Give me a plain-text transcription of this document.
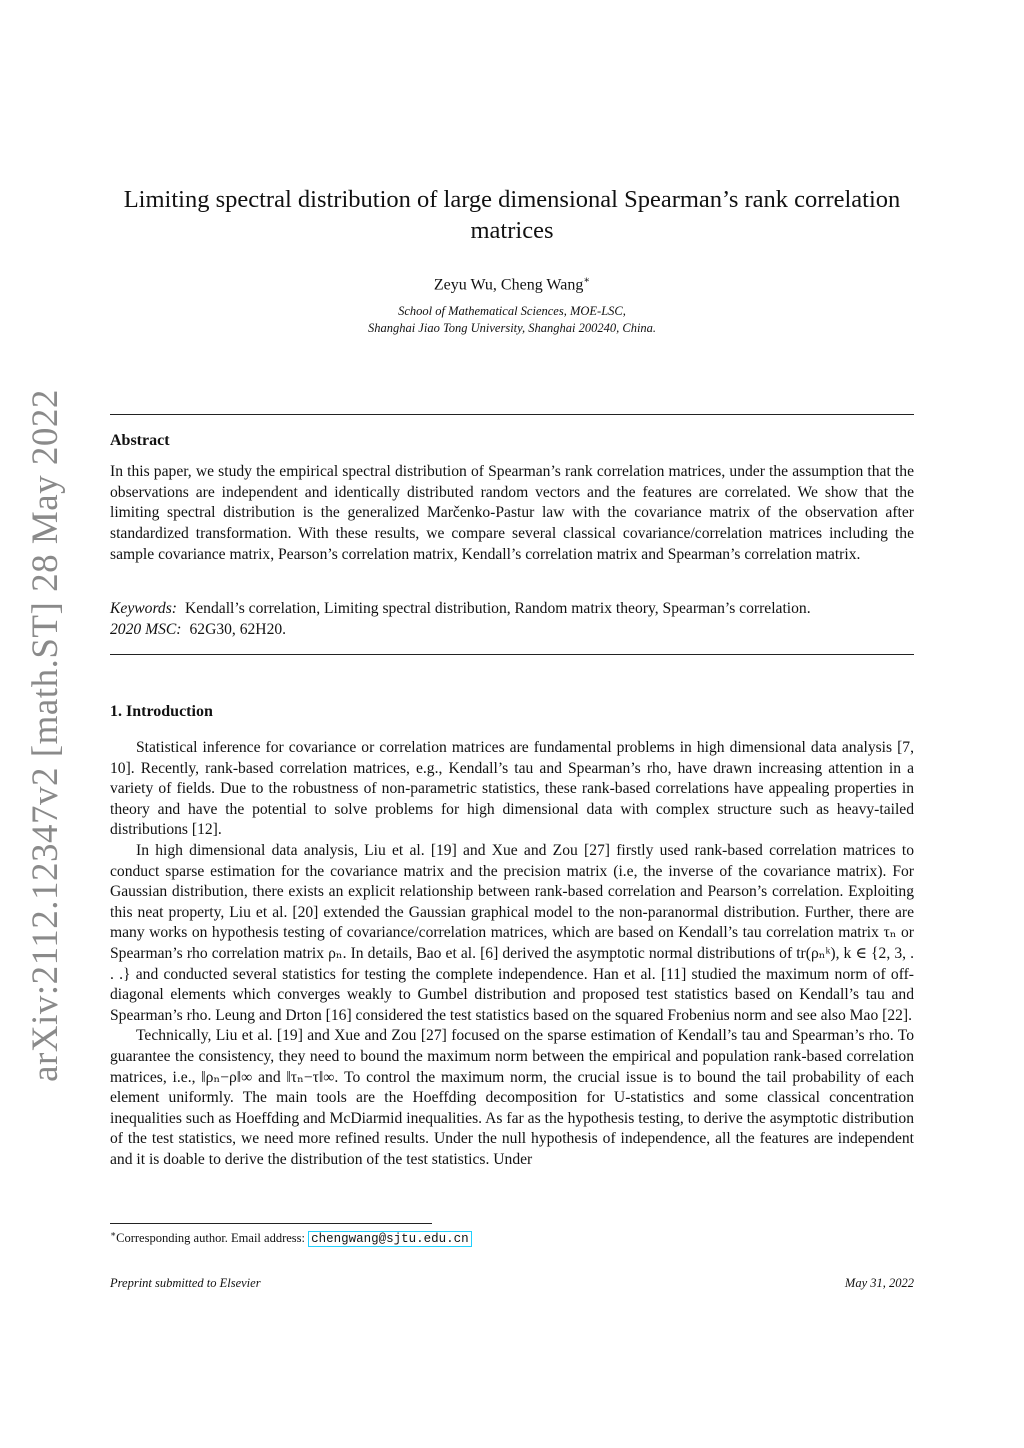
arXiv:2112.12347v2 [math.ST] 28 May 2022
Limiting spectral distribution of large dimensional Spearman’s rank correlation matrices
Zeyu Wu, Cheng Wang∗
School of Mathematical Sciences, MOE-LSC,
Shanghai Jiao Tong University, Shanghai 200240, China.
Abstract

In this paper, we study the empirical spectral distribution of Spearman’s rank correlation matrices, under the assumption that the observations are independent and identically distributed random vectors and the features are correlated. We show that the limiting spectral distribution is the generalized Marčenko-Pastur law with the covariance matrix of the observation after standardized transformation. With these results, we compare several classical covariance/correlation matrices including the sample covariance matrix, Pearson’s correlation matrix, Kendall’s correlation matrix and Spearman’s correlation matrix.

Keywords: Kendall’s correlation, Limiting spectral distribution, Random matrix theory, Spearman’s correlation.
2020 MSC: 62G30, 62H20.
1. Introduction

Statistical inference for covariance or correlation matrices are fundamental problems in high dimensional data analysis [7, 10]. Recently, rank-based correlation matrices, e.g., Kendall’s tau and Spearman’s rho, have drawn increasing attention in a variety of fields. Due to the robustness of non-parametric statistics, these rank-based correlations have appealing properties in theory and have the potential to solve problems for high dimensional data with complex structure such as heavy-tailed distributions [12].

In high dimensional data analysis, Liu et al. [19] and Xue and Zou [27] firstly used rank-based correlation matrices to conduct sparse estimation for the covariance matrix and the precision matrix (i.e, the inverse of the covariance matrix). For Gaussian distribution, there exists an explicit relationship between rank-based correlation and Pearson’s correlation. Exploiting this neat property, Liu et al. [20] extended the Gaussian graphical model to the non-paranormal distribution. Further, there are many works on hypothesis testing of covariance/correlation matrices, which are based on Kendall’s tau correlation matrix τₙ or Spearman’s rho correlation matrix ρₙ. In details, Bao et al. [6] derived the asymptotic normal distributions of tr(ρₙᵏ), k ∈ {2, 3, . . .} and conducted several statistics for testing the complete independence. Han et al. [11] studied the maximum norm of off-diagonal elements which converges weakly to Gumbel distribution and proposed test statistics based on Kendall’s tau and Spearman’s rho. Leung and Drton [16] considered the test statistics based on the squared Frobenius norm and see also Mao [22].

Technically, Liu et al. [19] and Xue and Zou [27] focused on the sparse estimation of Kendall’s tau and Spearman’s rho. To guarantee the consistency, they need to bound the maximum norm between the empirical and population rank-based correlation matrices, i.e., ‖ρₙ−ρ‖∞ and ‖τₙ−τ‖∞. To control the maximum norm, the crucial issue is to bound the tail probability of each element uniformly. The main tools are the Hoeffding decomposition for U-statistics and some classical concentration inequalities such as Hoeffding and McDiarmid inequalities. As far as the hypothesis testing, to derive the asymptotic distribution of the test statistics, we need more refined results. Under the null hypothesis of independence, all the features are independent and it is doable to derive the distribution of the test statistics. Under

∗Corresponding author. Email address: chengwang@sjtu.edu.cn
Preprint submitted to Elsevier	May 31, 2022
